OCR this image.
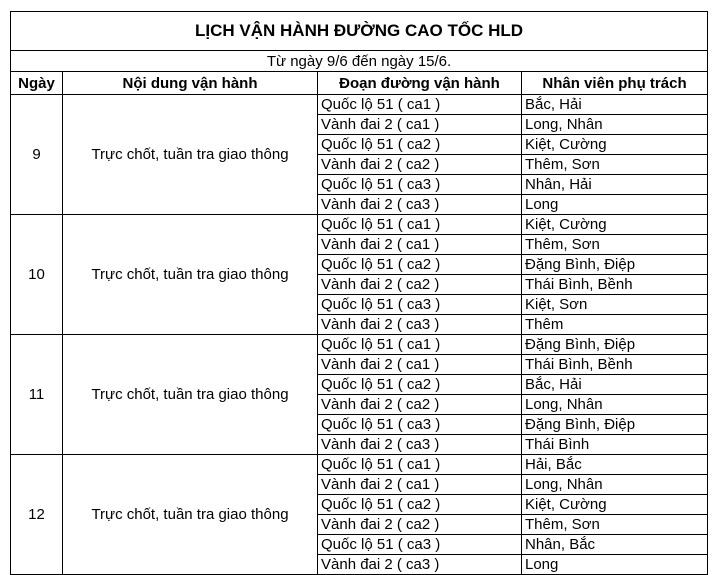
LỊCH VẬN HÀNH ĐƯỜNG CAO TỐC HLD			
Từ ngày 9/6 đến ngày 15/6.			
Ngày	Nội dung vận hành	Đoạn đường vận hành	Nhân viên phụ trách
9	Trực chốt, tuần tra giao thông	Quốc lộ 51 ( ca1 )	Bắc, Hải
		Vành đai 2 ( ca1 )	Long, Nhân
		Quốc lộ 51 ( ca2 )	Kiệt, Cường
		Vành đai 2 ( ca2 )	Thêm, Sơn
		Quốc lộ 51 ( ca3 )	Nhân, Hải
		Vành đai 2 ( ca3 )	Long
10	Trực chốt, tuần tra giao thông	Quốc lộ 51 ( ca1 )	Kiệt, Cường
		Vành đai 2 ( ca1 )	Thêm, Sơn
		Quốc lộ 51 ( ca2 )	Đặng Bình, Điệp
		Vành đai 2 ( ca2 )	Thái Bình, Bềnh
		Quốc lộ 51 ( ca3 )	Kiệt, Sơn
		Vành đai 2 ( ca3 )	Thêm
11	Trực chốt, tuần tra giao thông	Quốc lộ 51 ( ca1 )	Đặng Bình, Điệp
		Vành đai 2 ( ca1 )	Thái Bình, Bềnh
		Quốc lộ 51 ( ca2 )	Bắc, Hải
		Vành đai 2 ( ca2 )	Long, Nhân
		Quốc lộ 51 ( ca3 )	Đặng Bình, Điệp
		Vành đai 2 ( ca3 )	Thái Bình
12	Trực chốt, tuần tra giao thông	Quốc lộ 51 ( ca1 )	Hải, Bắc
		Vành đai 2 ( ca1 )	Long, Nhân
		Quốc lộ 51 ( ca2 )	Kiệt, Cường
		Vành đai 2 ( ca2 )	Thêm, Sơn
		Quốc lộ 51 ( ca3 )	Nhân, Bắc
		Vành đai 2 ( ca3 )	Long
